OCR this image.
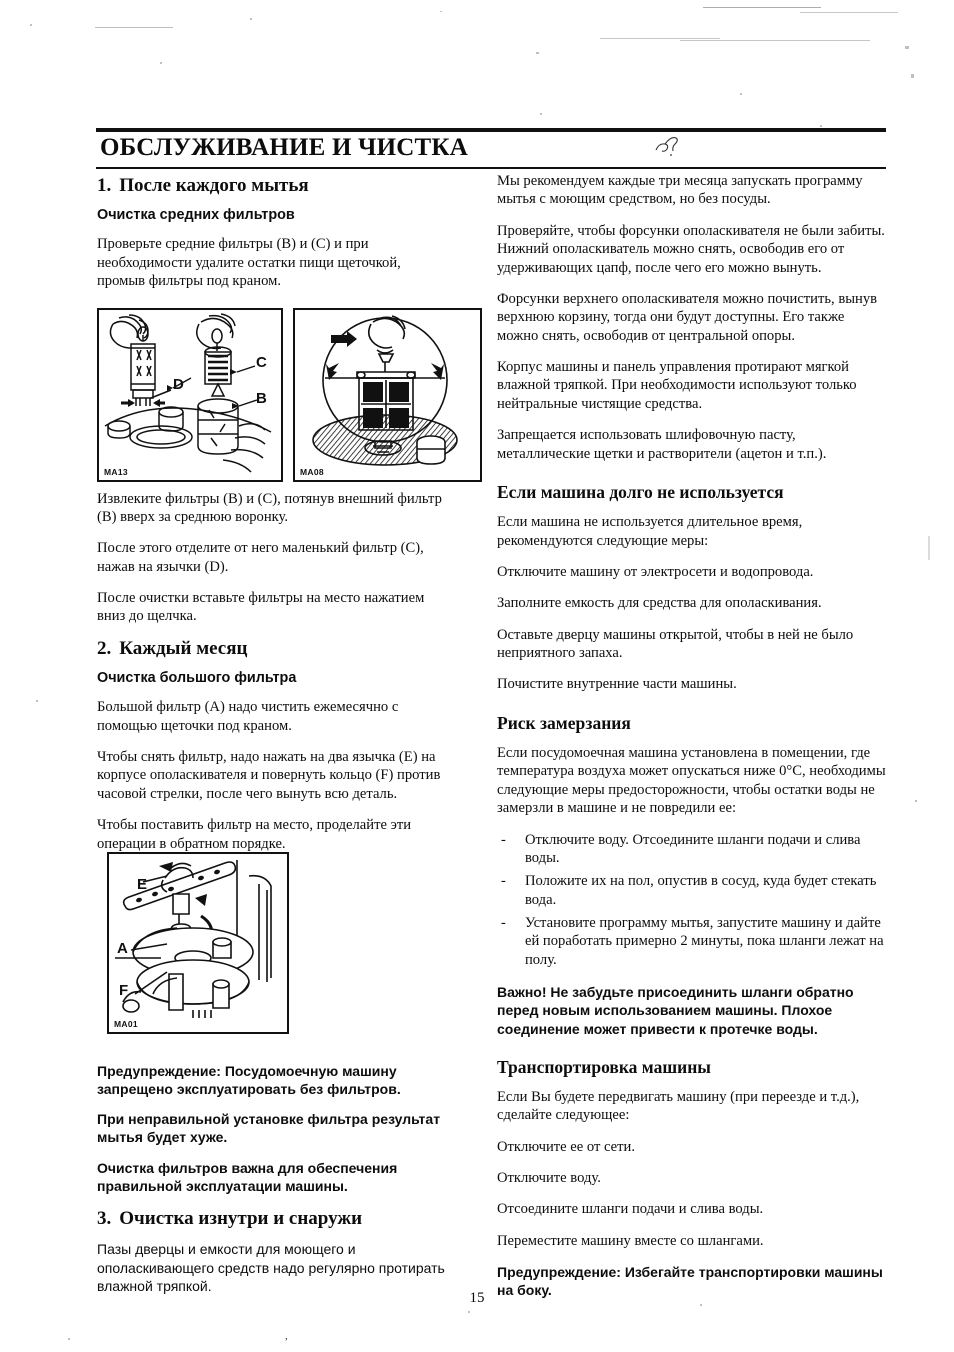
ОБСЛУЖИВАНИЕ И ЧИСТКА
1. После каждого мытья
Очистка средних фильтров

Проверьте средние фильтры (B) и (C) и при необходимости удалите остатки пищи щеточкой, промыв фильтры под краном.

Извлеките фильтры (B) и (C), потянув внешний фильтр (B) вверх за среднюю воронку.

После этого отделите от него маленький фильтр (C), нажав на язычки (D).

После очистки вставьте фильтры на место нажатием вниз до щелчка.

2. Каждый месяц
Очистка большого фильтра

Большой фильтр (A) надо чистить ежемесячно с помощью щеточки под краном.

Чтобы снять фильтр, надо нажать на два язычка (E) на корпусе ополаскивателя и повернуть кольцо (F) против часовой стрелки, после чего вынуть всю деталь.

Чтобы поставить фильтр на место, проделайте эти операции в обратном порядке.

Предупреждение: Посудомоечную машину запрещено эксплуатировать без фильтров.
При неправильной установке фильтра результат мытья будет хуже.
Очистка фильтров важна для обеспечения правильной эксплуатации машины.
3. Очистка изнутри и снаружи

Пазы дверцы и емкости для моющего и ополаскивающего средств надо регулярно протирать влажной тряпкой.

Мы рекомендуем каждые три месяца запускать программу мытья с моющим средством, но без посуды.

Проверяйте, чтобы форсунки ополаскивателя не были забиты. Нижний ополаскиватель можно снять, освободив его от удерживающих цапф, после чего его можно вынуть.

Форсунки верхнего ополаскивателя можно почистить, вынув верхнюю корзину, тогда они будут доступны. Его также можно снять, освободив от центральной опоры.

Корпус машины и панель управления протирают мягкой влажной тряпкой. При необходимости используют только нейтральные чистящие средства.

Запрещается использовать шлифовочную пасту, металлические щетки и растворители (ацетон и т.п.).

Если машина долго не используется

Если машина не используется длительное время, рекомендуются следующие меры:

Отключите машину от электросети и водопровода.

Заполните емкость для средства для ополаскивания.

Оставьте дверцу машины открытой, чтобы в ней не было неприятного запаха.

Почистите внутренние части машины.

Риск замерзания

Если посудомоечная машина установлена в помещении, где температура воздуха может опускаться ниже 0°C, необходимы следующие меры предосторожности, чтобы остатки воды не замерзли в машине и не повредили ее:

-	Отключите воду. Отсоедините шланги подачи и слива воды.
-	Положите их на пол, опустив в сосуд, куда будет стекать вода.
-	Установите программу мытья, запустите машину и дайте ей поработать примерно 2 минуты, пока шланги лежат на полу.
Важно! Не забудьте присоединить шланги обратно перед новым использованием машины. Плохое соединение может привести к протечке воды.
Транспортировка машины

Если Вы будете передвигать машину (при переезде и т.д.), сделайте следующее:

Отключите ее от сети.

Отключите воду.

Отсоедините шланги подачи и слива воды.

Переместите машину вместе со шлангами.

Предупреждение: Избегайте транспортировки машины на боку.
D
C
B
MA13	MA08
E
A
F
MA01
15
,
